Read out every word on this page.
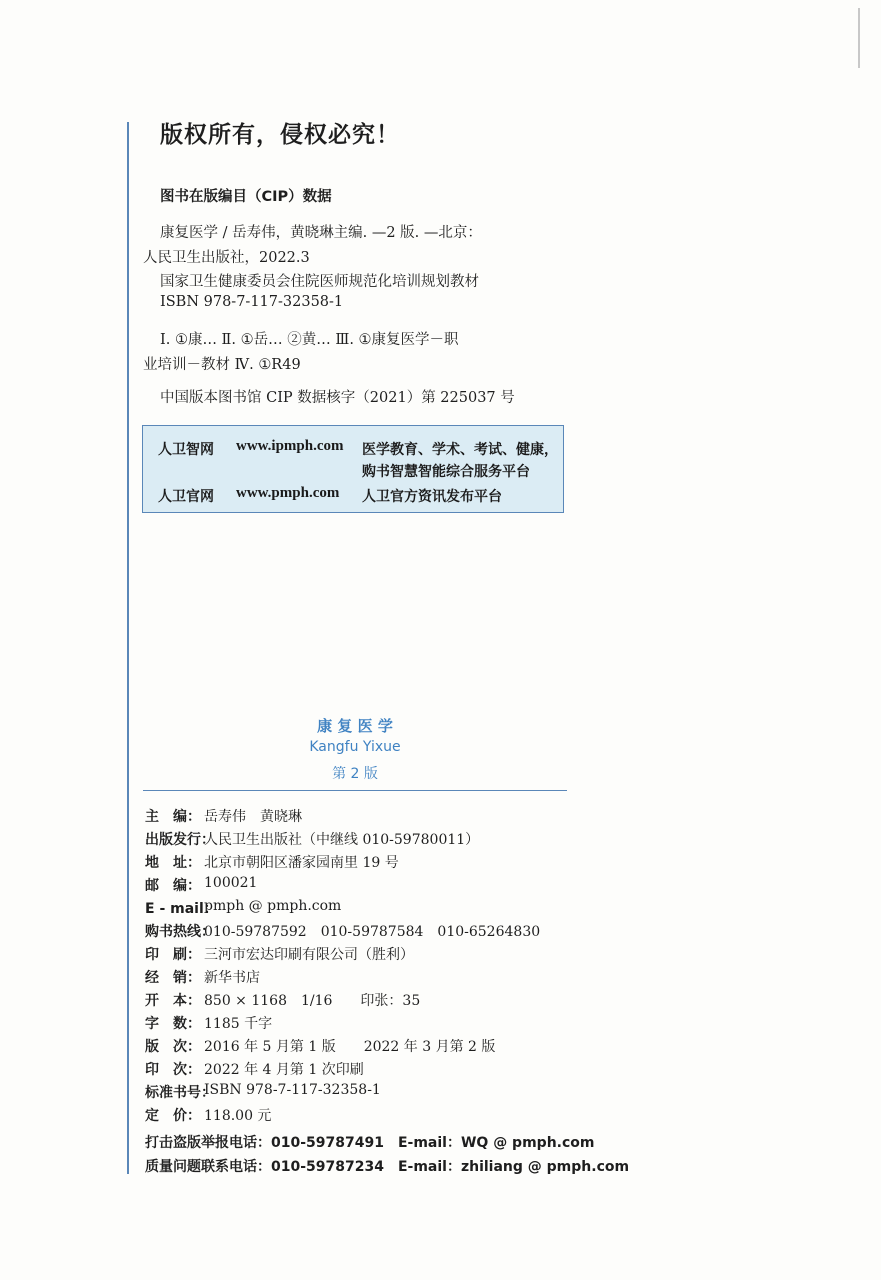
版权所有，侵权必究！
图书在版编目（CIP）数据
康复医学 / 岳寿伟，黄晓琳主编. —2 版. —北京：
人民卫生出版社，2022.3
国家卫生健康委员会住院医师规范化培训规划教材
ISBN 978-7-117-32358-1
Ⅰ. ①康… Ⅱ. ①岳… ②黄… Ⅲ. ①康复医学－职
业培训－教材 Ⅳ. ①R49
中国版本图书馆 CIP 数据核字（2021）第 225037 号
人卫智网 www.ipmph.com 医学教育、学术、考试、健康，
购书智慧智能综合服务平台
人卫官网 www.pmph.com 人卫官方资讯发布平台
康 复 医 学
Kangfu Yixue
第 2 版
主　编： 岳寿伟　黄晓琳
出版发行：
人民卫生出版社（中继线 010-59780011）
地　址： 北京市朝阳区潘家园南里 19 号
邮　编： 100021
E - mail：
pmph @ pmph.com
购书热线：
010-59787592　010-59787584　010-65264830
印　刷： 三河市宏达印刷有限公司（胜利）
经　销： 新华书店
开　本： 850 × 1168　1/16　　印张：35
字　数： 1185 千字
版　次： 2016 年 5 月第 1 版　　2022 年 3 月第 2 版
印　次： 2022 年 4 月第 1 次印刷
标准书号：
ISBN 978-7-117-32358-1
定　价： 118.00 元
打击盗版举报电话：010-59787491　E-mail：WQ @ pmph.com
质量问题联系电话：010-59787234　E-mail：zhiliang @ pmph.com
